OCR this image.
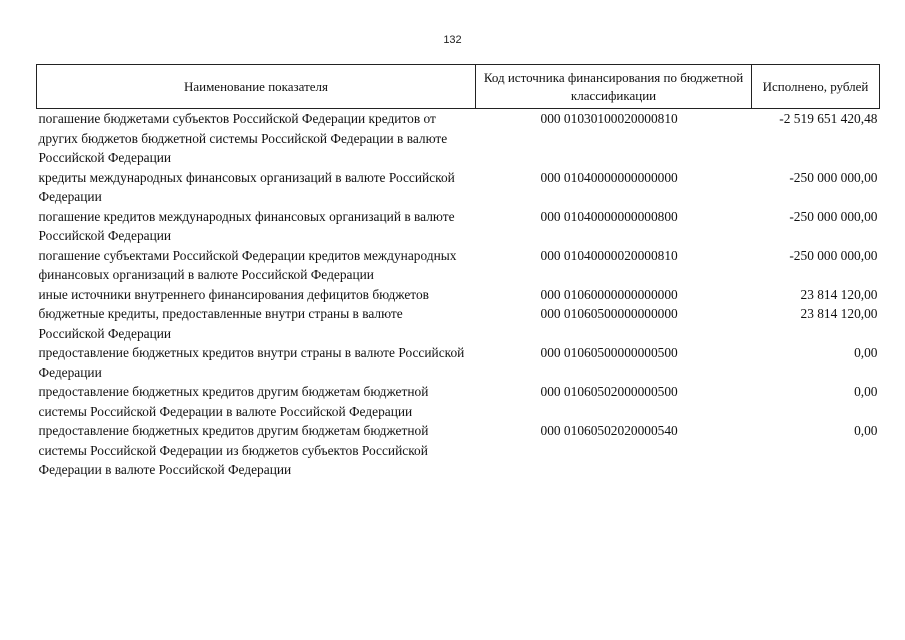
132
Наименование показателя	Код источника финансирования по бюджетной классификации	Исполнено, рублей
погашение бюджетами субъектов Российской Федерации кредитов от других бюджетов бюджетной системы Российской Федерации в валюте Российской Федерации	000 01030100020000810	-2 519 651 420,48
кредиты международных финансовых организаций в валюте Российской Федерации	000 01040000000000000	-250 000 000,00
погашение кредитов международных финансовых организаций в валюте Российской Федерации	000 01040000000000800	-250 000 000,00
погашение субъектами Российской Федерации кредитов международных финансовых организаций в валюте Российской Федерации	000 01040000020000810	-250 000 000,00
иные источники внутреннего финансирования дефицитов бюджетов	000 01060000000000000	23 814 120,00
бюджетные кредиты, предоставленные внутри страны в валюте Российской Федерации	000 01060500000000000	23 814 120,00
предоставление бюджетных кредитов внутри страны в валюте Российской Федерации	000 01060500000000500	0,00
предоставление бюджетных кредитов другим бюджетам бюджетной системы Российской Федерации в валюте Российской Федерации	000 01060502000000500	0,00
предоставление бюджетных кредитов другим бюджетам бюджетной системы Российской Федерации из бюджетов субъектов Российской Федерации в валюте Российской Федерации	000 01060502020000540	0,00
